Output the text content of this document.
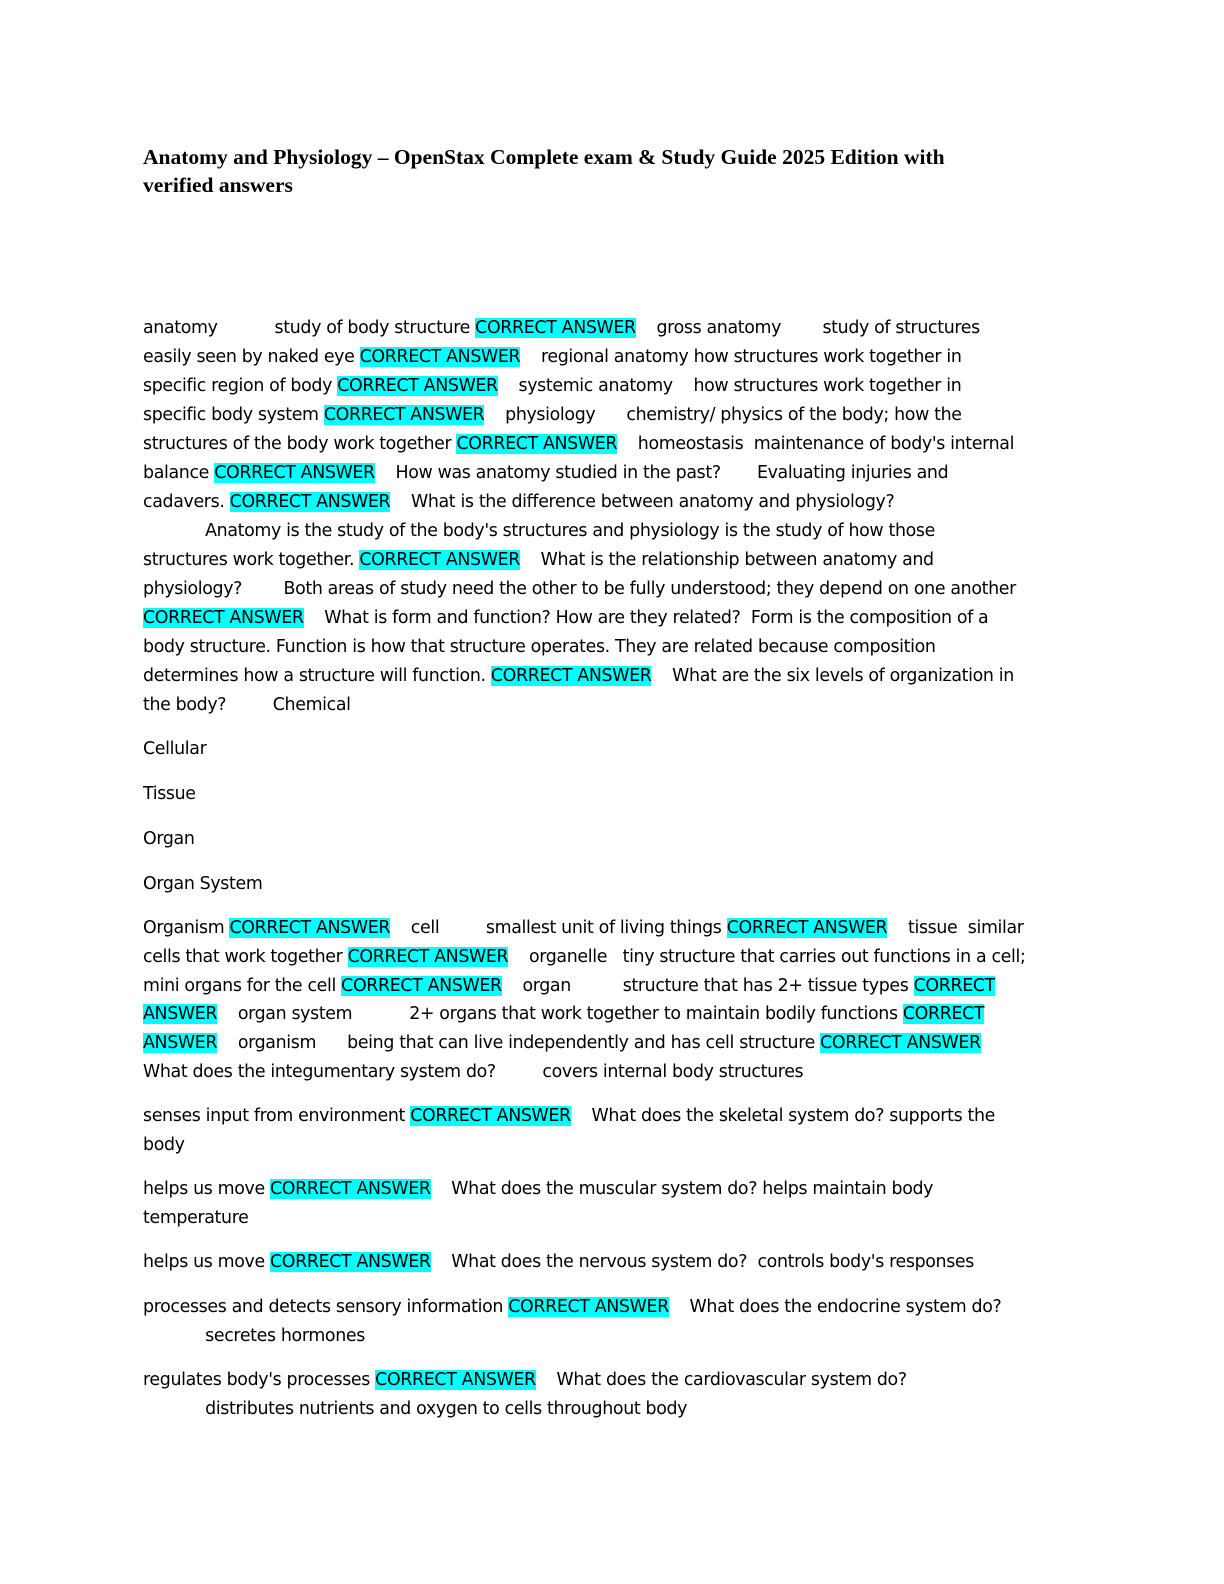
Anatomy and Physiology – OpenStax Complete exam & Study Guide 2025 Edition with
verified answers
anatomy           study of body structure CORRECT ANSWER    gross anatomy        study of structures
easily seen by naked eye CORRECT ANSWER    regional anatomy how structures work together in
specific region of body CORRECT ANSWER    systemic anatomy    how structures work together in
specific body system CORRECT ANSWER    physiology      chemistry/ physics of the body; how the
structures of the body work together CORRECT ANSWER    homeostasis  maintenance of body's internal
balance CORRECT ANSWER    How was anatomy studied in the past?       Evaluating injuries and
cadavers. CORRECT ANSWER    What is the difference between anatomy and physiology?
Anatomy is the study of the body's structures and physiology is the study of how those
structures work together. CORRECT ANSWER    What is the relationship between anatomy and
physiology?        Both areas of study need the other to be fully understood; they depend on one another
CORRECT ANSWER    What is form and function? How are they related?  Form is the composition of a
body structure. Function is how that structure operates. They are related because composition
determines how a structure will function. CORRECT ANSWER    What are the six levels of organization in
the body?         Chemical
Cellular
Tissue
Organ
Organ System
Organism CORRECT ANSWER    cell         smallest unit of living things CORRECT ANSWER    tissue  similar
cells that work together CORRECT ANSWER    organelle   tiny structure that carries out functions in a cell;
mini organs for the cell CORRECT ANSWER    organ          structure that has 2+ tissue types CORRECT
ANSWER    organ system           2+ organs that work together to maintain bodily functions CORRECT
ANSWER    organism      being that can live independently and has cell structure CORRECT ANSWER
What does the integumentary system do?         covers internal body structures
senses input from environment CORRECT ANSWER    What does the skeletal system do? supports the
body
helps us move CORRECT ANSWER    What does the muscular system do? helps maintain body
temperature
helps us move CORRECT ANSWER    What does the nervous system do?  controls body's responses
processes and detects sensory information CORRECT ANSWER    What does the endocrine system do?
secretes hormones
regulates body's processes CORRECT ANSWER    What does the cardiovascular system do?
distributes nutrients and oxygen to cells throughout body
